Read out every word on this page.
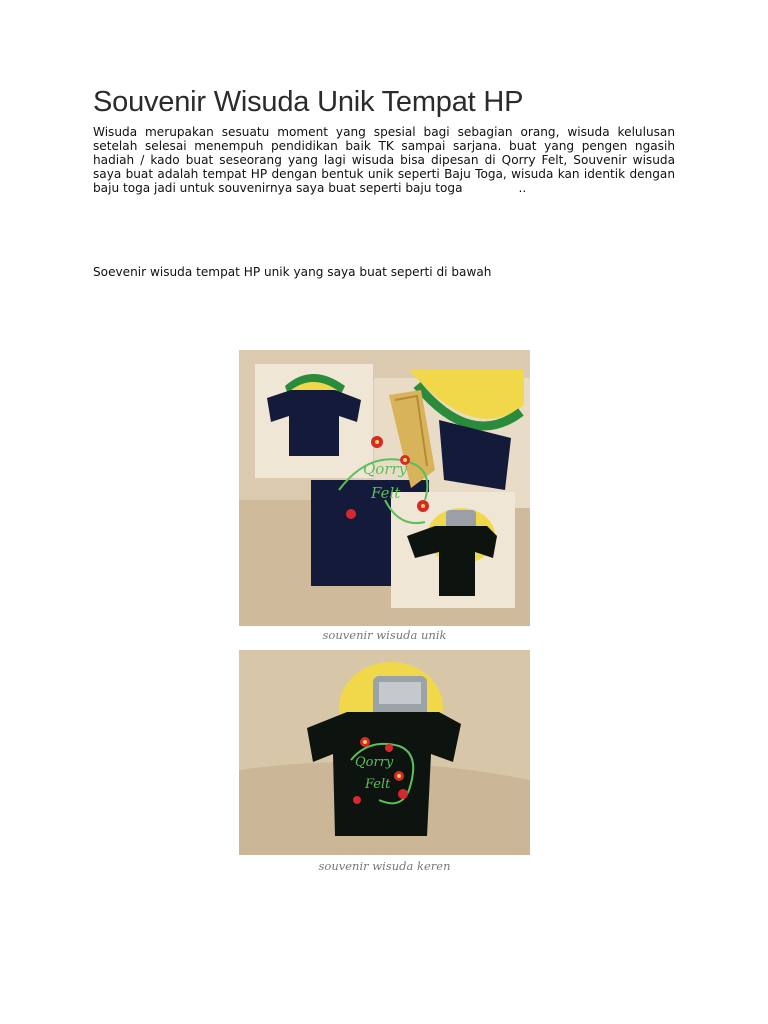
Souvenir Wisuda Unik Tempat HP

Wisuda merupakan sesuatu moment yang spesial bagi sebagian orang, wisuda kelulusan setelah selesai menempuh pendidikan baik TK sampai sarjana. buat yang pengen ngasih hadiah / kado buat seseorang yang lagi wisuda bisa dipesan di Qorry Felt, Souvenir wisuda saya buat adalah tempat HP dengan bentuk unik seperti Baju Toga, wisuda kan identik dengan baju toga jadi untuk souvenirnya saya buat seperti baju toga	..

Soevenir wisuda tempat HP unik yang saya buat seperti di bawah

Qorry
Felt

souvenir wisuda unik

Qorry
Felt

souvenir wisuda keren
